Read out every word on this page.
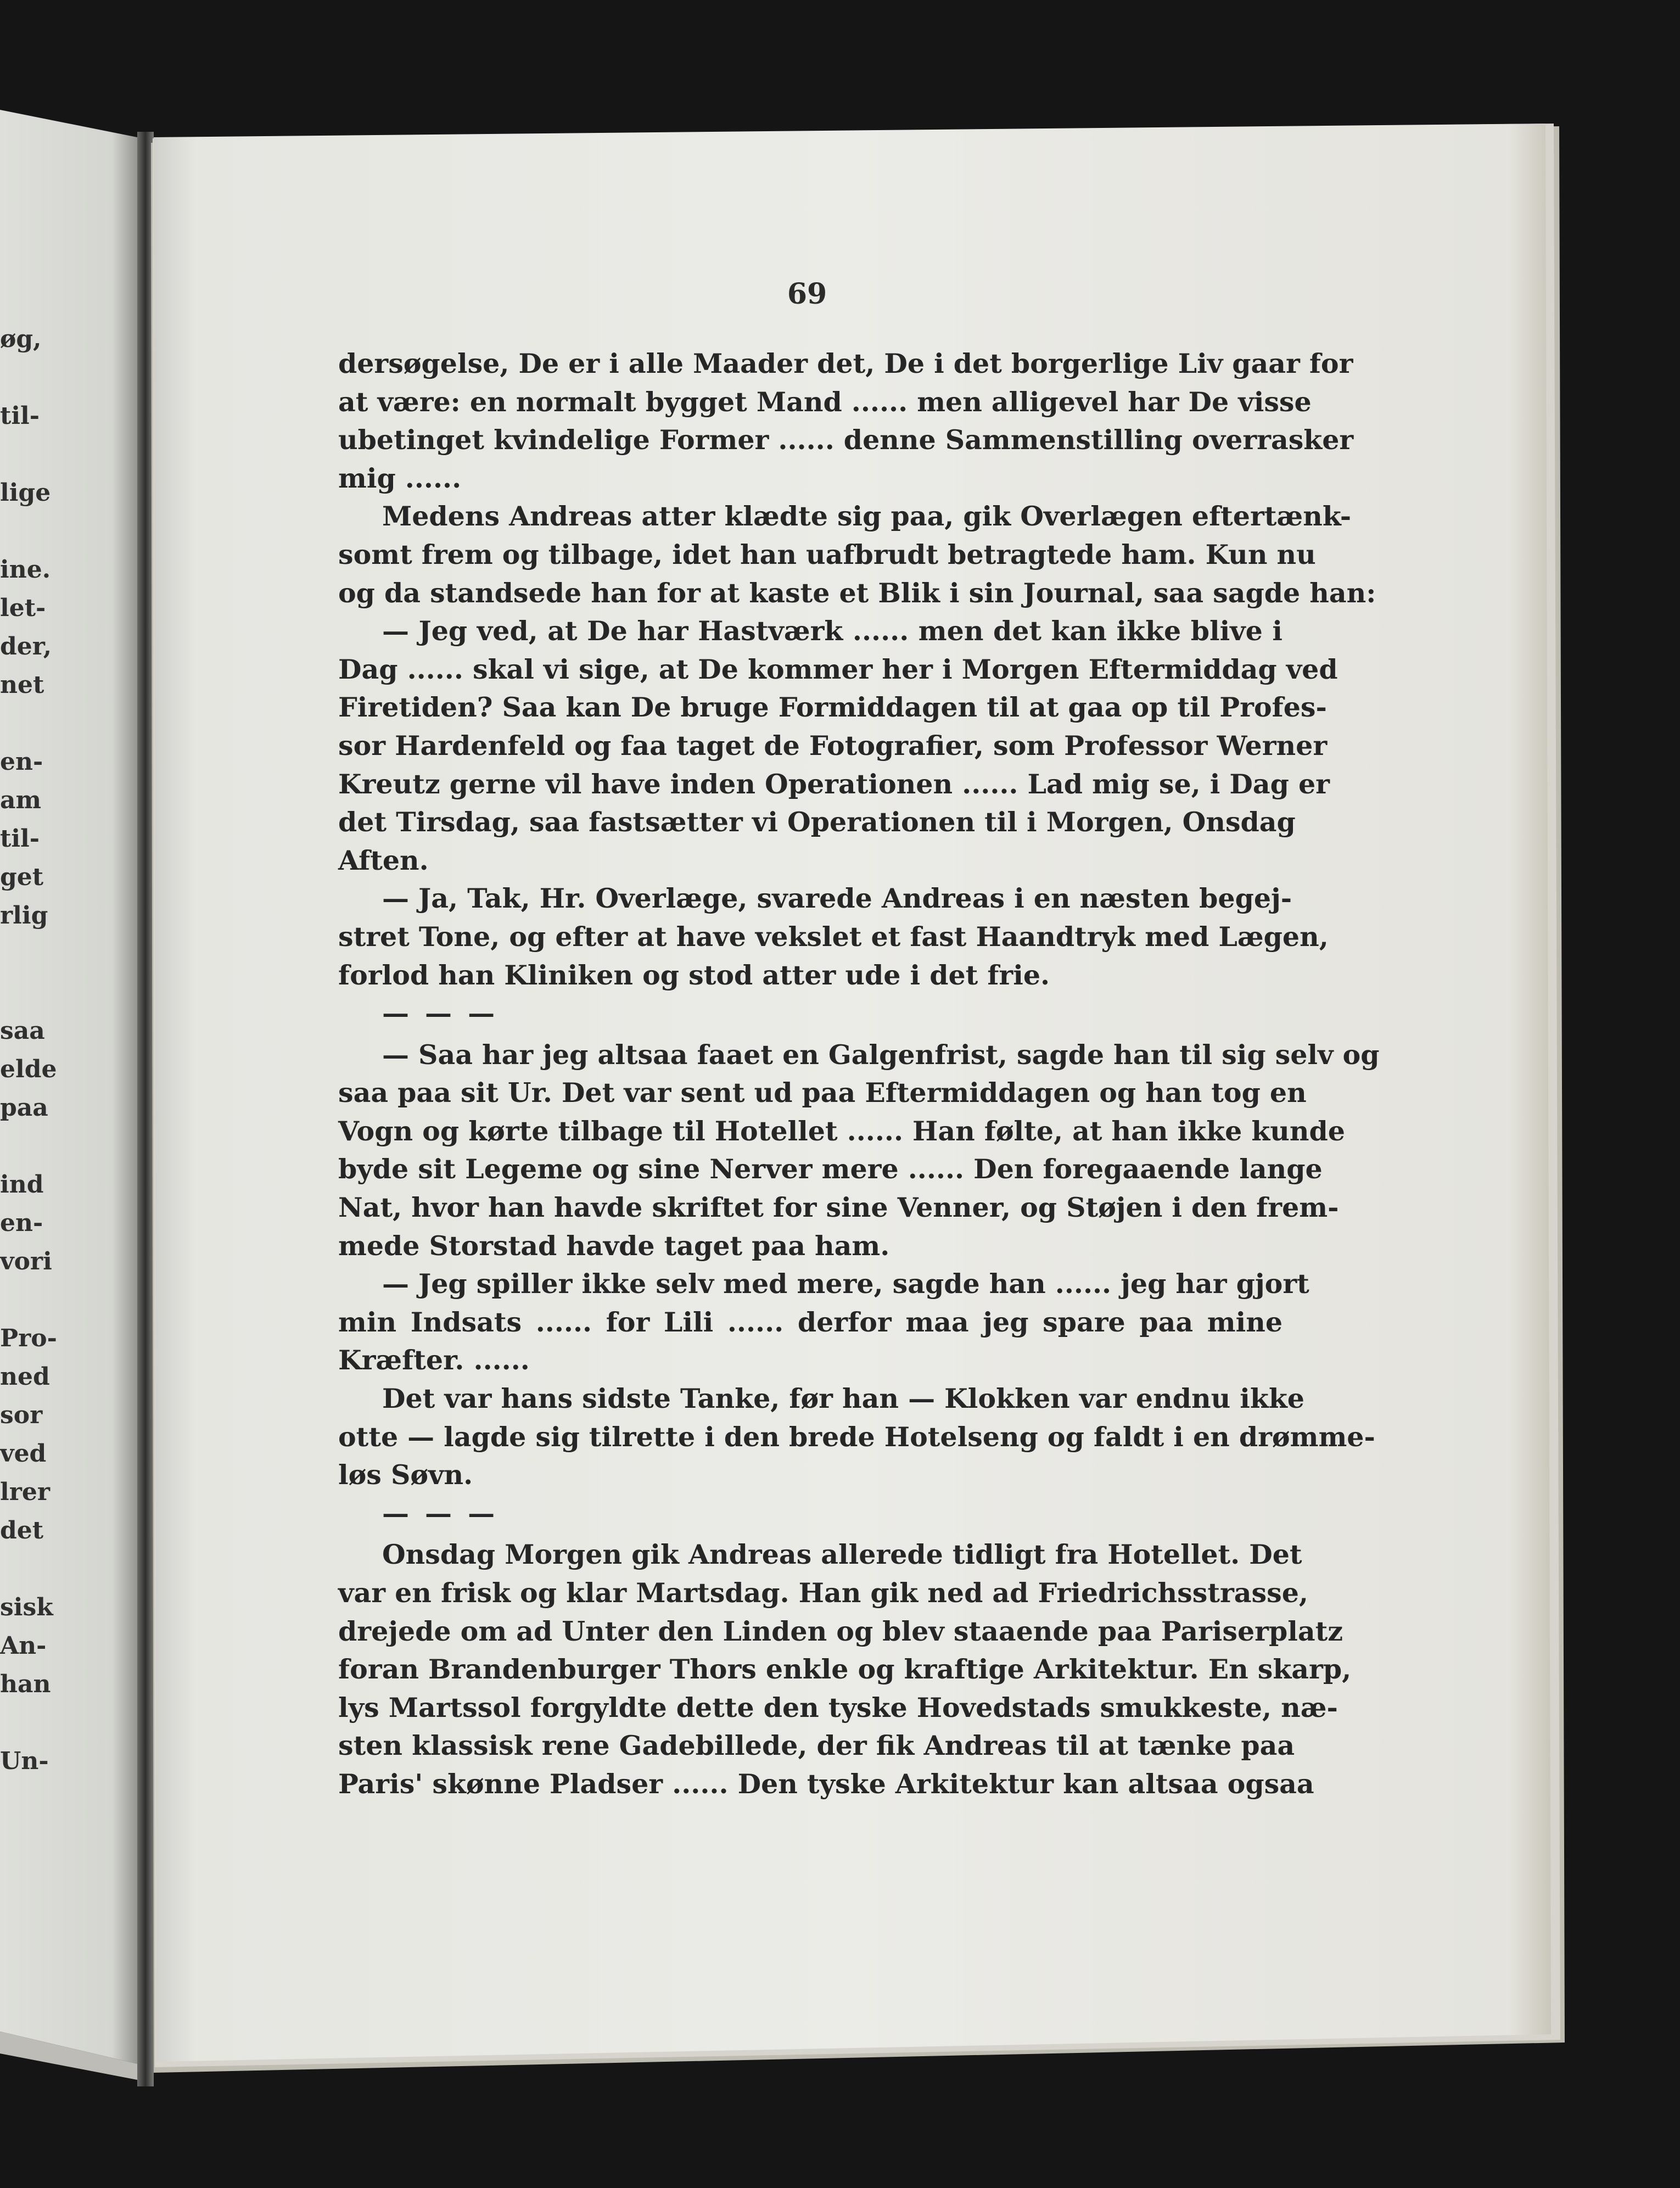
øg,
til-
lige
ine.
let-
der,
net
en-
am
til-
get
rlig
saa
elde
paa
ind
en-
vori
Pro-
ned
sor
ved
lrer
det
sisk
An-
han
Un-
69

dersøgelse, De er i alle Maader det, De i det borgerlige Liv gaar for
at være: en normalt bygget Mand ...... men alligevel har De visse
ubetinget kvindelige Former ...... denne Sammenstilling overrasker
mig ......

Medens Andreas atter klædte sig paa, gik Overlægen eftertænk-
somt frem og tilbage, idet han uafbrudt betragtede ham. Kun nu
og da standsede han for at kaste et Blik i sin Journal, saa sagde han:

— Jeg ved, at De har Hastværk ...... men det kan ikke blive i
Dag ...... skal vi sige, at De kommer her i Morgen Eftermiddag ved
Firetiden? Saa kan De bruge Formiddagen til at gaa op til Profes-
sor Hardenfeld og faa taget de Fotografier, som Professor Werner
Kreutz gerne vil have inden Operationen ...... Lad mig se, i Dag er
det Tirsdag, saa fastsætter vi Operationen til i Morgen, Onsdag
Aften.

— Ja, Tak, Hr. Overlæge, svarede Andreas i en næsten begej-
stret Tone, og efter at have vekslet et fast Haandtryk med Lægen,
forlod han Kliniken og stod atter ude i det frie.

— — —

— Saa har jeg altsaa faaet en Galgenfrist, sagde han til sig selv og
saa paa sit Ur. Det var sent ud paa Eftermiddagen og han tog en
Vogn og kørte tilbage til Hotellet ...... Han følte, at han ikke kunde
byde sit Legeme og sine Nerver mere ...... Den foregaaende lange
Nat, hvor han havde skriftet for sine Venner, og Støjen i den frem-
mede Storstad havde taget paa ham.

— Jeg spiller ikke selv med mere, sagde han ...... jeg har gjort
min Indsats ...... for Lili ...... derfor maa jeg spare paa mine
Kræfter. ......

Det var hans sidste Tanke, før han — Klokken var endnu ikke
otte — lagde sig tilrette i den brede Hotelseng og faldt i en drømme-
løs Søvn.

— — —

Onsdag Morgen gik Andreas allerede tidligt fra Hotellet. Det
var en frisk og klar Martsdag. Han gik ned ad Friedrichsstrasse,
drejede om ad Unter den Linden og blev staaende paa Pariserplatz
foran Brandenburger Thors enkle og kraftige Arkitektur. En skarp,
lys Martssol forgyldte dette den tyske Hovedstads smukkeste, næ-
sten klassisk rene Gadebillede, der fik Andreas til at tænke paa
Paris' skønne Pladser ...... Den tyske Arkitektur kan altsaa ogsaa
